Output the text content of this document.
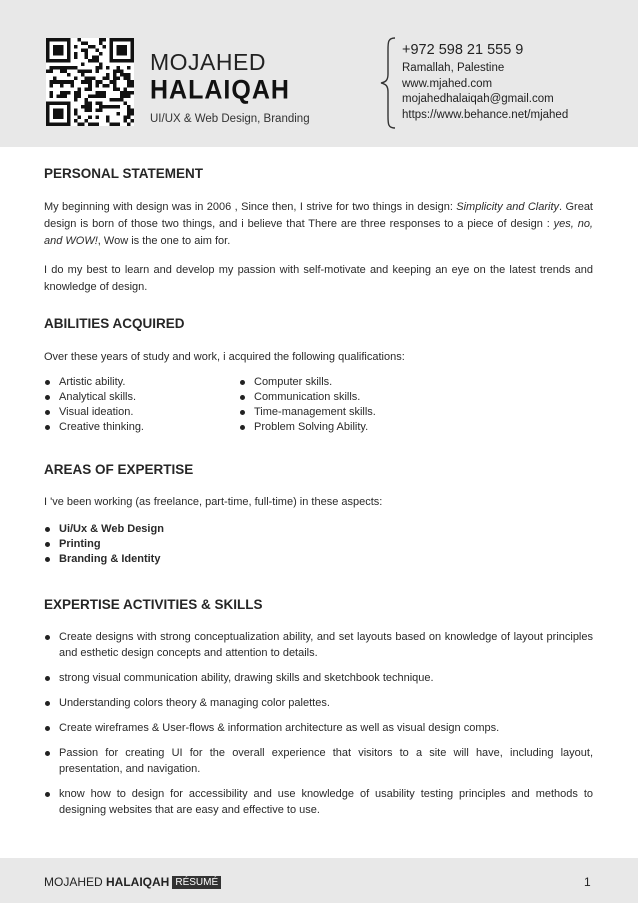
MOJAHED
HALAIQAH
UI/UX & Web Design, Branding
+972 598 21 555 9
Ramallah, Palestine
www.mjahed.com
mojahedhalaiqah@gmail.com
https://www.behance.net/mjahed
PERSONAL STATEMENT

My beginning with design was in 2006 , Since then, I strive for two things in design: Simplicity and Clarity. Great design is born of those two things, and i believe that There are three responses to a piece of design : yes, no, and WOW!, Wow is the one to aim for.

I do my best to learn and develop my passion with self-motivate and keeping an eye on the latest trends and knowledge of design.

ABILITIES ACQUIRED

Over these years of study and work, i acquired the following qualifications:

Artistic ability.
Analytical skills.
Visual ideation.
Creative thinking.
Computer skills.
Communication skills.
Time-management skills.
Problem Solving Ability.
AREAS OF EXPERTISE

I 've been working (as freelance, part-time, full-time) in these aspects:

Ui/Ux & Web Design
Printing
Branding & Identity
EXPERTISE ACTIVITIES & SKILLS
Create designs with strong conceptualization ability, and set layouts based on knowledge of layout principles and esthetic design concepts and attention to details.
strong visual communication ability, drawing skills and sketchbook technique.
Understanding colors theory & managing color palettes.
Create wireframes & User-flows & information architecture as well as visual design comps.
Passion for creating UI for the overall experience that visitors to a site will have, including layout, presentation, and navigation.
know how to design for accessibility and use knowledge of usability testing principles and methods to designing websites that are easy and effective to use.
MOJAHED HALAIQAH RÉSUMÉ	1
